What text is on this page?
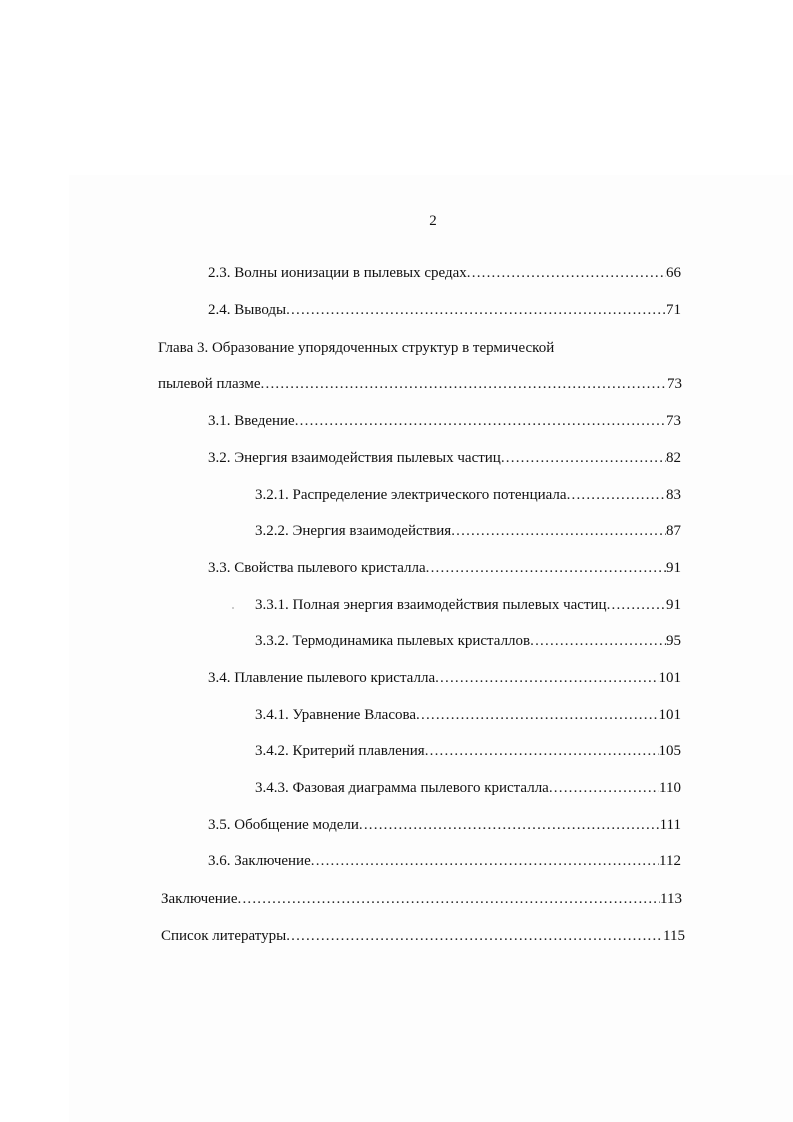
2
2.3. Волны ионизации в пылевых средах .....	66
2.4. Выводы .....	71
Глава 3. Образование упорядоченных структур в термической
пылевой плазме .....	73
3.1. Введение .....	73
3.2. Энергия взаимодействия пылевых частиц .....	82
3.2.1. Распределение электрического потенциала .....	83
3.2.2. Энергия взаимодействия .....	87
3.3. Свойства пылевого кристалла .....	91
3.3.1. Полная энергия взаимодействия пылевых частиц .....	91
3.3.2. Термодинамика пылевых кристаллов .....	95
3.4. Плавление пылевого кристалла .....	101
3.4.1. Уравнение Власова .....	101
3.4.2. Критерий плавления .....	105
3.4.3. Фазовая диаграмма пылевого кристалла .....	110
3.5. Обобщение модели .....	111
3.6. Заключение .....	112
Заключение .....	113
Список литературы .....	115
